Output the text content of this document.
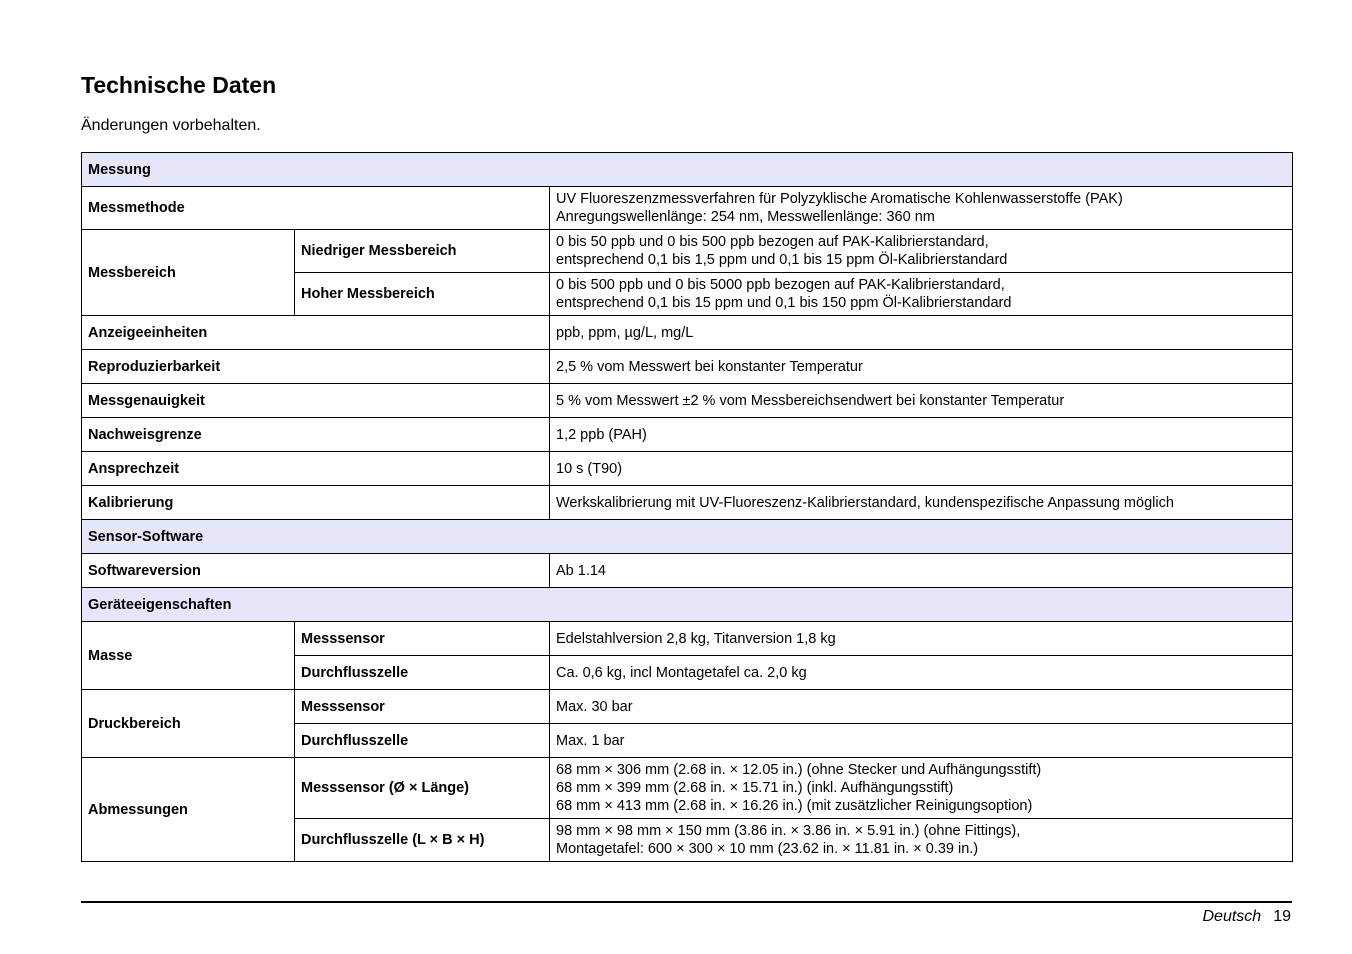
Technische Daten
Änderungen vorbehalten.
Messung		
Messmethode		UV Fluoreszenzmessverfahren für Polyzyklische Aromatische Kohlenwasserstoffe (PAK)
Anregungswellenlänge: 254 nm, Messwellenlänge: 360 nm

Messbereich	Niedriger Messbereich	0 bis 50 ppb und 0 bis 500 ppb bezogen auf PAK-Kalibrierstandard,
entsprechend 0,1 bis 1,5 ppm und 0,1 bis 15 ppm Öl-Kalibrierstandard

	Hoher Messbereich	0 bis 500 ppb und 0 bis 5000 ppb bezogen auf PAK-Kalibrierstandard,
entsprechend 0,1 bis 15 ppm und 0,1 bis 150 ppm Öl-Kalibrierstandard

Anzeigeeinheiten		ppb, ppm, µg/L, mg/L
Reproduzierbarkeit		2,5 % vom Messwert bei konstanter Temperatur
Messgenauigkeit		5 % vom Messwert ±2 % vom Messbereichsendwert bei konstanter Temperatur
Nachweisgrenze		1,2 ppb (PAH)
Ansprechzeit		10 s (T90)
Kalibrierung		Werkskalibrierung mit UV-Fluoreszenz-Kalibrierstandard, kundenspezifische Anpassung möglich
Sensor-Software		
Softwareversion		Ab 1.14
Geräteeigenschaften		
Masse	Messsensor	Edelstahlversion 2,8 kg, Titanversion 1,8 kg
	Durchflusszelle	Ca. 0,6 kg, incl Montagetafel ca. 2,0 kg
Druckbereich	Messsensor	Max. 30 bar
	Durchflusszelle	Max. 1 bar
Abmessungen	Messsensor (Ø × Länge)	68 mm × 306 mm (2.68 in. × 12.05 in.) (ohne Stecker und Aufhängungsstift)
68 mm × 399 mm (2.68 in. × 15.71 in.) (inkl. Aufhängungsstift)
68 mm × 413 mm (2.68 in. × 16.26 in.) (mit zusätzlicher Reinigungsoption)

	Durchflusszelle (L × B × H)	98 mm × 98 mm × 150 mm (3.86 in. × 3.86 in. × 5.91 in.) (ohne Fittings),
Montagetafel: 600 × 300 × 10 mm (23.62 in. × 11.81 in. × 0.39 in.)
Deutsch 19
